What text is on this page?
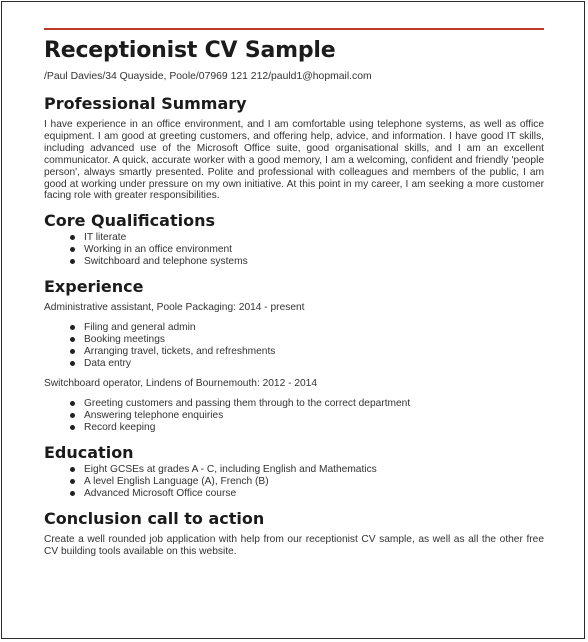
Receptionist CV Sample
/Paul Davies/34 Quayside, Poole/07969 121 212/pauld1@hopmail.com
Professional Summary

I have experience in an office environment, and I am comfortable using telephone systems, as well as office equipment. I am good at greeting customers, and offering help, advice, and information. I have good IT skills, including advanced use of the Microsoft Office suite, good organisational skills, and I am an excellent communicator. A quick, accurate worker with a good memory, I am a welcoming, confident and friendly 'people person', always smartly presented. Polite and professional with colleagues and members of the public, I am good at working under pressure on my own initiative. At this point in my career, I am seeking a more customer facing role with greater responsibilities.

Core Qualifications
IT literate
Working in an office environment
Switchboard and telephone systems
Experience

Administrative assistant, Poole Packaging: 2014 - present

Filing and general admin
Booking meetings
Arranging travel, tickets, and refreshments
Data entry

Switchboard operator, Lindens of Bournemouth: 2012 - 2014

Greeting customers and passing them through to the correct department
Answering telephone enquiries
Record keeping
Education
Eight GCSEs at grades A - C, including English and Mathematics
A level English Language (A), French (B)
Advanced Microsoft Office course
Conclusion call to action

Create a well rounded job application with help from our receptionist CV sample, as well as all the other free CV building tools available on this website.
